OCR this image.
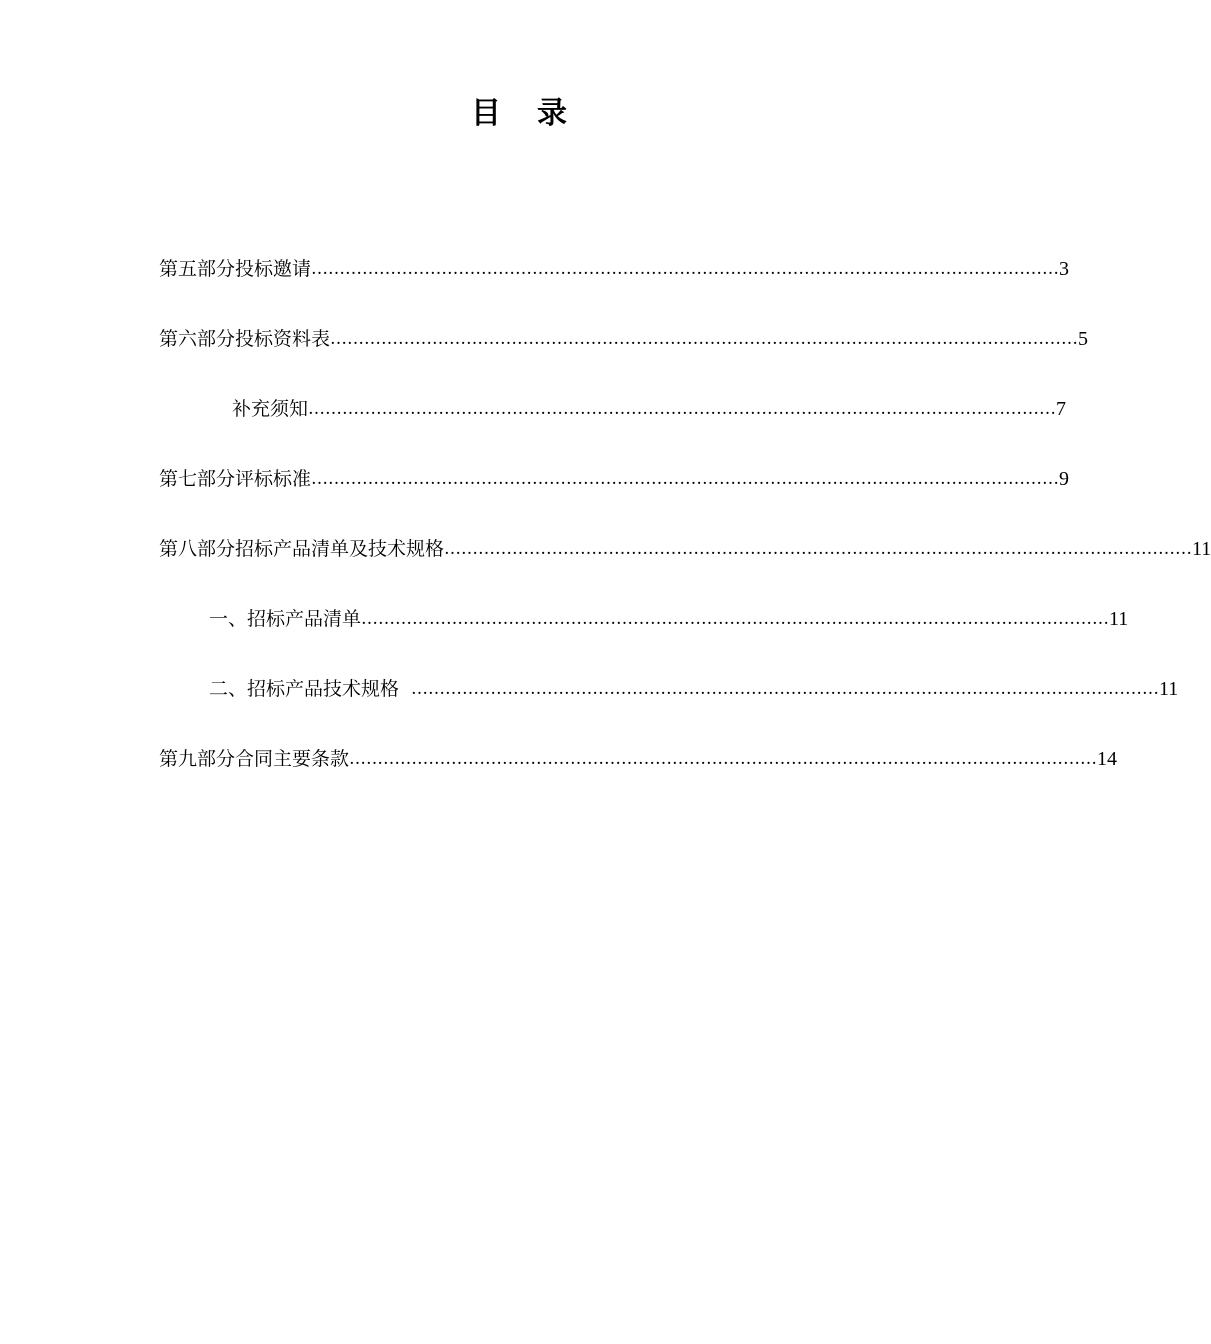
目 录
第五部分 投标邀请 …………………………………………………………………………………………………………………… 3
第六部分 投标资料表 …………………………………………………………………………………………………………………… 5
补充须知 …………………………………………………………………………………………………………………… 7
第七部分 评标标准 …………………………………………………………………………………………………………………… 9
第八部分 招标产品清单及技术规格 …………………………………………………………………………………………………………………… 11
一、招标产品清单 …………………………………………………………………………………………………………………… 11
二、招标产品技术规格 …………………………………………………………………………………………………………………… 11
第九部分 合同主要条款 …………………………………………………………………………………………………………………… 14
